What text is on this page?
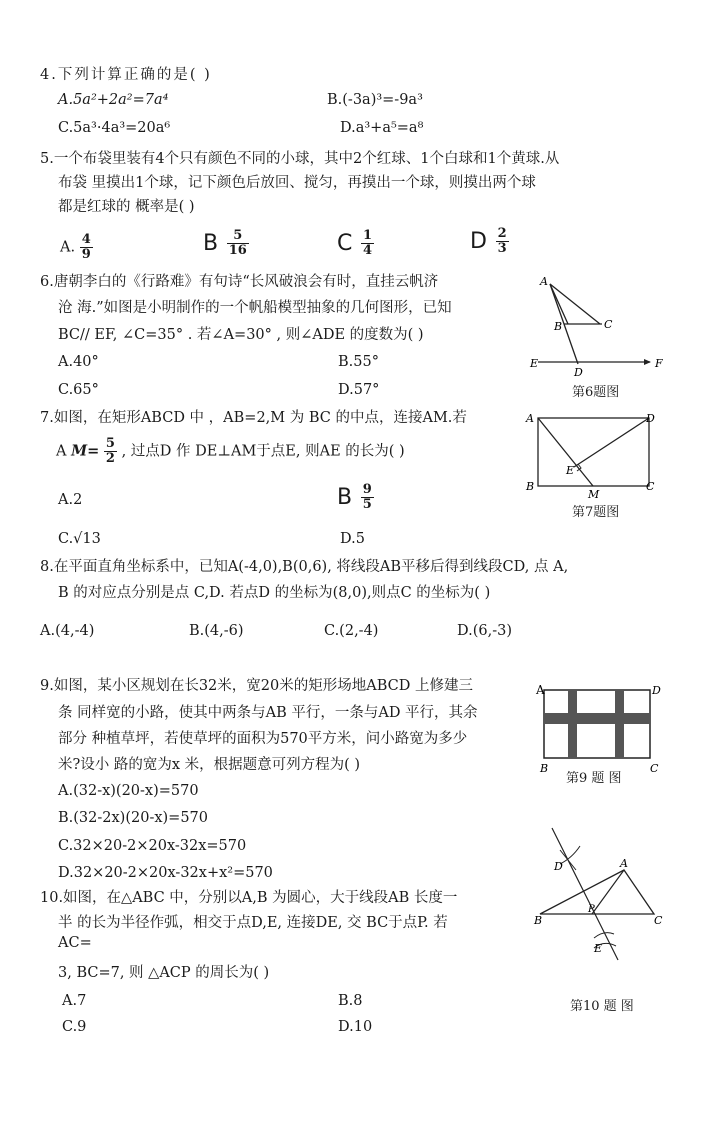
4.下列计算正确的是( )
A.5a²+2a²=7a⁴	B.(-3a)³=-9a³
C.5a³·4a³=20a⁶	D.a³+a⁵=a⁸
5.一个布袋里装有4个只有颜色不同的小球，其中2个红球、1个白球和1个黄球.从
布袋 里摸出1个球，记下颜色后放回、搅匀，再摸出一个球，则摸出两个球
都是红球的 概率是( )
A. $\frac{4}{9}$	B $\frac{5}{16}$	C $\frac{1}{4}$	D $\frac{2}{3}$
6.唐朝李白的《行路难》有句诗“长风破浪会有时，直挂云帆济
沧 海.”如图是小明制作的一个帆船模型抽象的几何图形，已知
BC// EF, ∠C=35° . 若∠A=30° , 则∠ADE 的度数为( )
A.40°	B.55°
C.65°	D.57°
A
B	C
D
E	F
第6题图
7.如图，在矩形ABCD 中 ，AB=2,M 为 BC 的中点，连接AM.若
A $M= \frac{5}{2}$ , 过点D 作 DE⊥AM于点E, 则AE 的长为( )
A.2	B $\frac{9}{5}$
C.√13	D.5
A
B	C
D
E
M
第7题图
8.在平面直角坐标系中，已知A(-4,0),B(0,6), 将线段AB平移后得到线段CD, 点 A,
B 的对应点分别是点 C,D. 若点D 的坐标为(8,0),则点C 的坐标为( )
A.(4,-4)	B.(4,-6)	C.(2,-4)	D.(6,-3)
9.如图，某小区规划在长32米，宽20米的矩形场地ABCD 上修建三
条 同样宽的小路，使其中两条与AB 平行，一条与AD 平行，其余
部分 种植草坪，若使草坪的面积为570平方米，问小路宽为多少
米?设小 路的宽为x 米，根据题意可列方程为( )
A.(32-x)(20-x)=570
B.(32-2x)(20-x)=570
C.32×20-2×20x-32x=570
D.32×20-2×20x-32x+x²=570
A	D
B	C
第9 题 图
10.如图，在△ABC 中，分别以A,B 为圆心，大于线段AB 长度一
半 的长为半径作弧，相交于点D,E, 连接DE, 交 BC于点P. 若
AC=
3, BC=7, 则 △ACP 的周长为( )
A.7	B.8
C.9	D.10
D	A
B	C
P
E
第10 题 图
